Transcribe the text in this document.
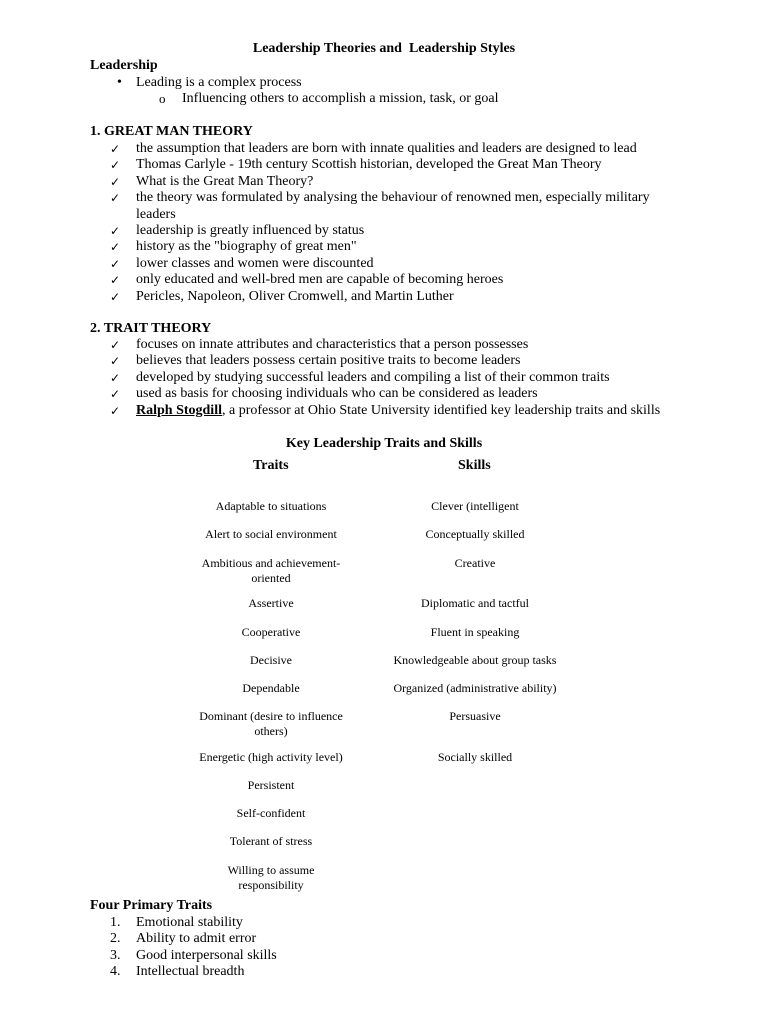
Leadership Theories and  Leadership Styles
Leadership
• Leading is a complex process
o Influencing others to accomplish a mission, task, or goal
1. GREAT MAN THEORY
✓ the assumption that leaders are born with innate qualities and leaders are designed to lead
✓ Thomas Carlyle - 19th century Scottish historian, developed the Great Man Theory
✓ What is the Great Man Theory?
✓ the theory was formulated by analysing the behaviour of renowned men, especially military leaders
✓ leadership is greatly influenced by status
✓ history as the "biography of great men"
✓ lower classes and women were discounted
✓ only educated and well-bred men are capable of becoming heroes
✓ Pericles, Napoleon, Oliver Cromwell, and Martin Luther
2. TRAIT THEORY
✓ focuses on innate attributes and characteristics that a person possesses
✓ believes that leaders possess certain positive traits to become leaders
✓ developed by studying successful leaders and compiling a list of their common traits
✓ used as basis for choosing individuals who can be considered as leaders
✓ Ralph Stogdill, a professor at Ohio State University identified key leadership traits and skills
Key Leadership Traits and Skills
Traits	Skills
Adaptable to situations
Alert to social environment
Ambitious and achievement-oriented
Assertive
Cooperative
Decisive
Dependable
Dominant (desire to influence others)
Energetic (high activity level)
Persistent
Self-confident
Tolerant of stress
Willing to assume responsibility
Clever (intelligent
Conceptually skilled
Creative
Diplomatic and tactful
Fluent in speaking
Knowledgeable about group tasks
Organized (administrative ability)
Persuasive
Socially skilled
Four Primary Traits
1. Emotional stability
2. Ability to admit error
3. Good interpersonal skills
4. Intellectual breadth
